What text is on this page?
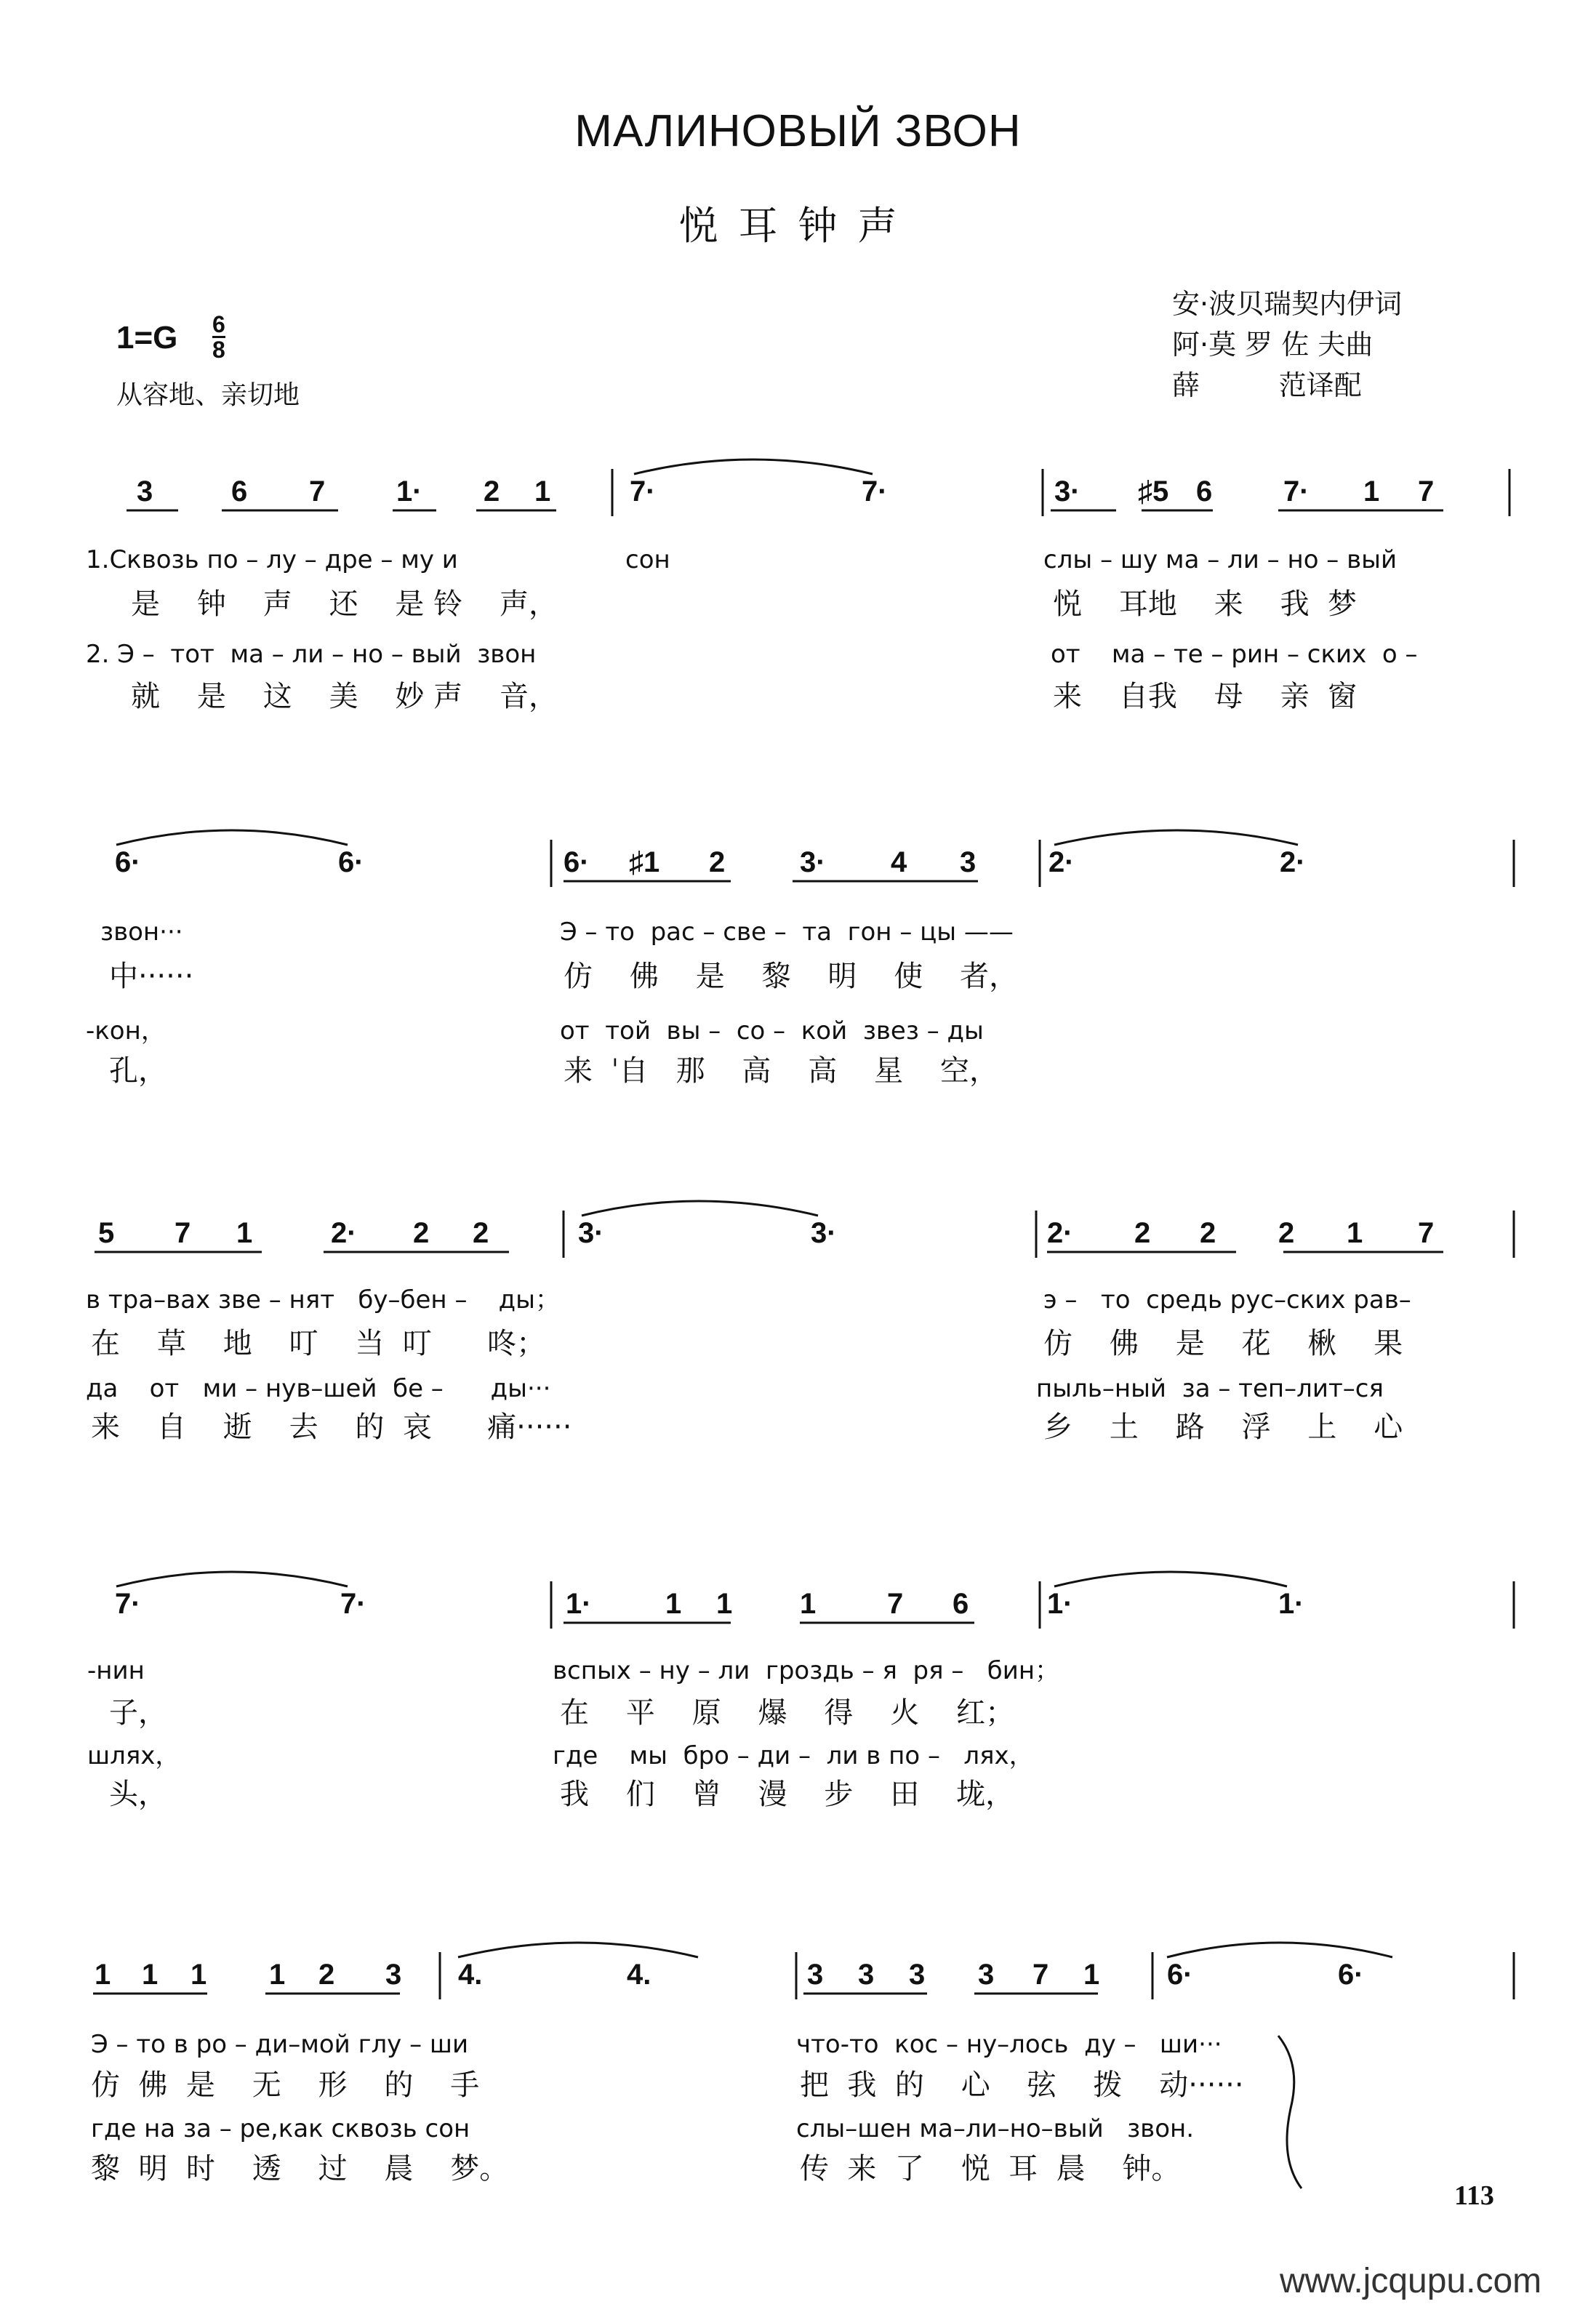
МАЛИНОВЫЙ ЗВОН
悦耳钟声
$1=G \frac{6}{8}$
从容地、亲切地
安·波贝瑞契内伊词
阿·莫 罗 佐 夫曲
薛         范译配
3	6 7 1· 2 1	7·	7·	3· ♯5 6 7· 1 7
1.Сквозь по – лу – дре – му и	сон	слы – шу ма – ли – но – вый
是    钟    声    还    是 铃    声，	悦    耳地    来    我  梦
2. Э –  тот  ма – ли – но – вый  звон	от    ма – те – рин – ских  о –
就    是    这    美    妙 声    音，	来    自我    母    亲  窗
6·	6·	6· ♯1 2	3· 4 3 2·	2·
звон···	Э – то  рас – све –  та  гон – цы ——
中······	仿    佛    是    黎    明    使    者，
-кон，	от  той  вы –  со –  кой  звез – ды
孔，	来  ˈ自   那    高    高    星    空，
5 7 1	2· 2 2	3·	3·	2· 2 2 2 1 7
в тра–вах зве – нят   бу–бен –    ды；	э –   то  средь рус–ских рав–
在    草    地    叮    当  叮      咚；	仿    佛    是    花    楸    果
да    от   ми – нув–шей  бе –      ды···	пыль–ный  за – теп–лит–ся
来    自    逝    去    的  哀      痛······	乡    土    路    浮    上    心
7·	7·	1·	1 1 1 7 6	1·	1·
-нин	вспых – ну – ли  гроздь – я  ря –   бин；
子，	在    平    原    爆    得    火    红；
шлях，	где    мы  бро – ди –  ли в по –   лях，
头，	我    们    曾    漫    步    田    垅，
1 1 1 1 2 3 4.	4.	3 3 3 3 7 1 6·	6·
Э – то в ро – ди–мой глу – ши	что-то  кос – ну–лось  ду –   ши···
仿  佛  是    无    形    的    手	把  我  的    心    弦    拨    动······
где на за – ре,как сквозь сон	слы–шен ма–ли–но–вый   звон.
黎  明  时    透    过    晨    梦。	传  来  了    悦  耳  晨    钟。
113
www.jcqupu.com
